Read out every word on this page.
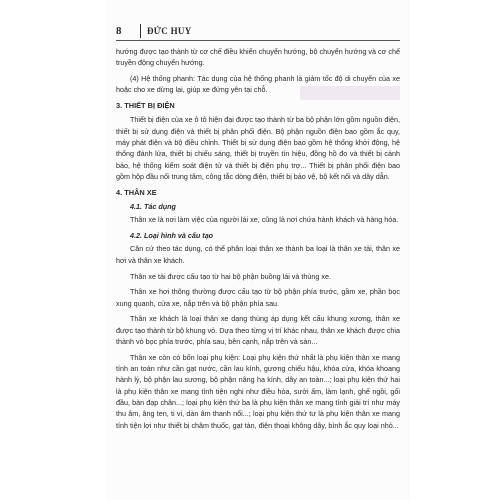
8	ĐỨC HUY

hướng được tạo thành từ cơ chế điều khiển chuyển hướng, bộ chuyển hướng và cơ chế truyền động chuyển hướng.

(4) Hệ thống phanh: Tác dụng của hệ thống phanh là giảm tốc độ di chuyển của xe hoặc cho xe dừng lại, giúp xe đứng yên tại chỗ.

3. THIẾT BỊ ĐIỆN

Thiết bị điện của xe ô tô hiện đại được tạo thành từ ba bộ phận lớn gồm nguồn điện, thiết bị sử dụng điện và thiết bị phân phối điện. Bộ phận nguồn điện bao gồm ắc quy, máy phát điện và bộ điều chỉnh. Thiết bị sử dụng điện bao gồm hệ thống khởi động, hệ thống đánh lửa, thiết bị chiếu sáng, thiết bị truyền tín hiệu, đồng hồ đo và thiết bị cảnh báo, hệ thống kiểm soát điện tử và thiết bị điện phụ trợ... Thiết bị phân phối điện bao gồm hộp đầu nối trung tâm, công tắc dòng điện, thiết bị bảo vệ, bộ kết nối và dây dẫn.

4. THÂN XE
4.1. Tác dụng

Thân xe là nơi làm việc của người lái xe, cũng là nơi chứa hành khách và hàng hóa.

4.2. Loại hình và cấu tạo

Căn cứ theo tác dụng, có thể phân loại thân xe thành ba loại là thân xe tải, thân xe hơi và thân xe khách.

Thân xe tải được cấu tạo từ hai bộ phận buồng lái và thùng xe.

Thân xe hơi thông thường được cấu tạo từ bộ phận phía trước, gầm xe, phần bọc xung quanh, cửa xe, nắp trên và bộ phận phía sau.

Thân xe khách là loại thân xe dạng thùng áp dụng kết cấu khung xương, thân xe được tạo thành từ bộ khung vỏ. Dựa theo từng vị trí khác nhau, thân xe khách được chia thành vỏ bọc phía trước, phía sau, bên cạnh, nắp trên và sàn...

Thân xe còn có bốn loại phụ kiện: Loại phụ kiện thứ nhất là phụ kiện thân xe mang tính an toàn như cần gạt nước, cần lau kính, gương chiếu hậu, khóa cửa, khóa khoang hành lý, bộ phận lau sương, bộ phận nâng hạ kính, dây an toàn...; loại phụ kiện thứ hai là phụ kiện thân xe mang tính tiện nghi như điều hòa, sưởi ấm, làm lạnh, ghế ngồi, gối đầu, bàn đạp chân...; loại phụ kiện thứ ba là phụ kiện thân xe mang tính giải trí như máy thu âm, âng ten, ti vi, dàn âm thanh nổi...; loại phụ kiện thứ tư là phụ kiện thân xe mang tính tiện lợi như thiết bị châm thuốc, gạt tàn, điện thoại không dây, bình ắc quy loại nhỏ...
